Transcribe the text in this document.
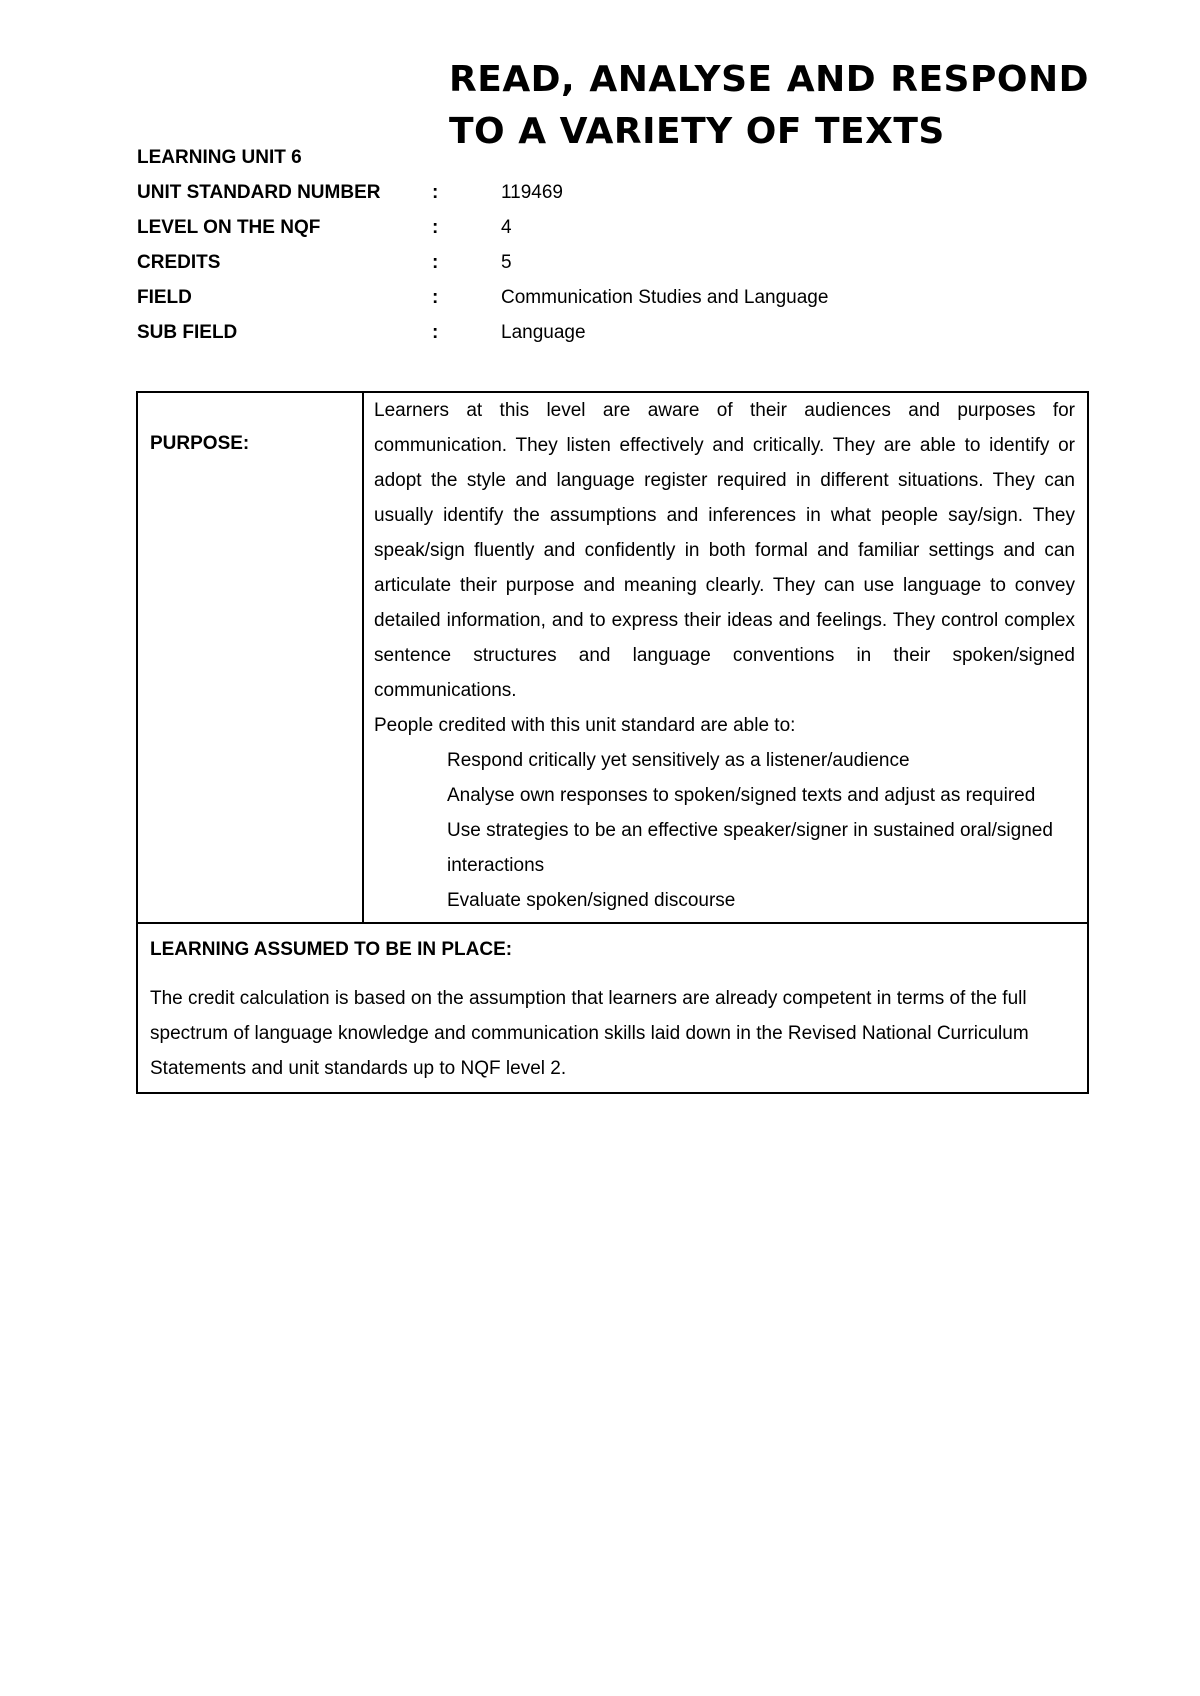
READ, ANALYSE AND RESPOND
TO A VARIETY OF TEXTS
LEARNING UNIT 6
UNIT STANDARD NUMBER	:	119469
LEVEL ON THE NQF	:	4
CREDITS	:	5
FIELD	:	Communication Studies and Language
SUB FIELD	:	Language
PURPOSE:

Learners at this level are aware of their audiences and purposes for communication. They listen effectively and critically. They are able to identify or adopt the style and language register required in different situations. They can usually identify the assumptions and inferences in what people say/sign. They speak/sign fluently and confidently in both formal and familiar settings and can articulate their purpose and meaning clearly. They can use language to convey detailed information, and to express their ideas and feelings. They control complex sentence structures and language conventions in their spoken/signed communications.
People credited with this unit standard are able to:
Respond critically yet sensitively as a listener/audience
Analyse own responses to spoken/signed texts and adjust as required
Use strategies to be an effective speaker/signer in sustained oral/signed interactions
Evaluate spoken/signed discourse

LEARNING ASSUMED TO BE IN PLACE:
The credit calculation is based on the assumption that learners are already competent in terms of the full spectrum of language knowledge and communication skills laid down in the Revised National Curriculum Statements and unit standards up to NQF level 2.
